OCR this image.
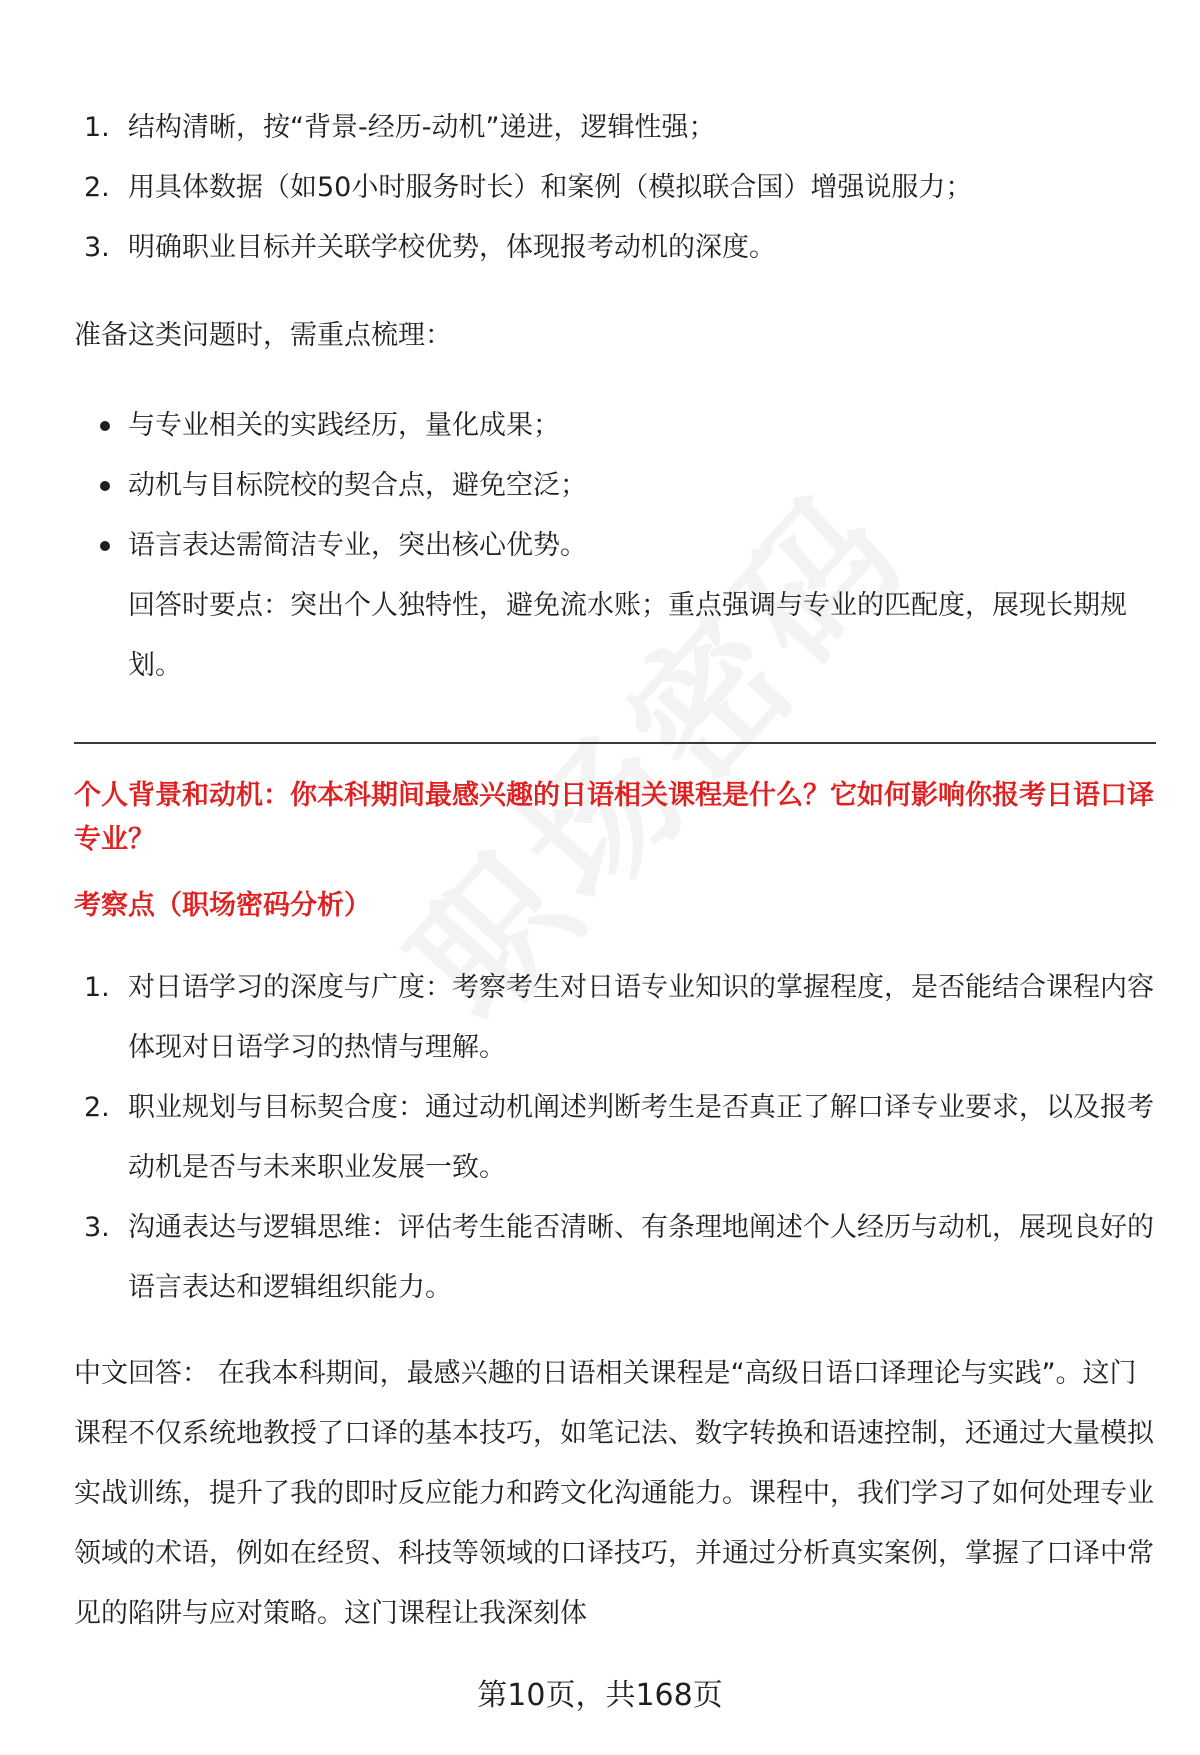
1. 结构清晰，按“背景-经历-动机”递进，逻辑性强；
2. 用具体数据（如50小时服务时长）和案例（模拟联合国）增强说服力；
3. 明确职业目标并关联学校优势，体现报考动机的深度。

准备这类问题时，需重点梳理：

与专业相关的实践经历，量化成果；
动机与目标院校的契合点，避免空泛；
语言表达需简洁专业，突出核心优势。
回答时要点：突出个人独特性，避免流水账；重点强调与专业的匹配度，展现长期规划。
个人背景和动机：你本科期间最感兴趣的日语相关课程是什么？它如何影响你报考日语口译专业？
考察点（职场密码分析）
1. 对日语学习的深度与广度：考察考生对日语专业知识的掌握程度，是否能结合课程内容体现对日语学习的热情与理解。
2. 职业规划与目标契合度：通过动机阐述判断考生是否真正了解口译专业要求，以及报考动机是否与未来职业发展一致。
3. 沟通表达与逻辑思维：评估考生能否清晰、有条理地阐述个人经历与动机，展现良好的语言表达和逻辑组织能力。

中文回答： 在我本科期间，最感兴趣的日语相关课程是“高级日语口译理论与实践”。这门课程不仅系统地教授了口译的基本技巧，如笔记法、数字转换和语速控制，还通过大量模拟实战训练，提升了我的即时反应能力和跨文化沟通能力。课程中，我们学习了如何处理专业领域的术语，例如在经贸、科技等领域的口译技巧，并通过分析真实案例，掌握了口译中常见的陷阱与应对策略。这门课程让我深刻体

第10页，共168页
